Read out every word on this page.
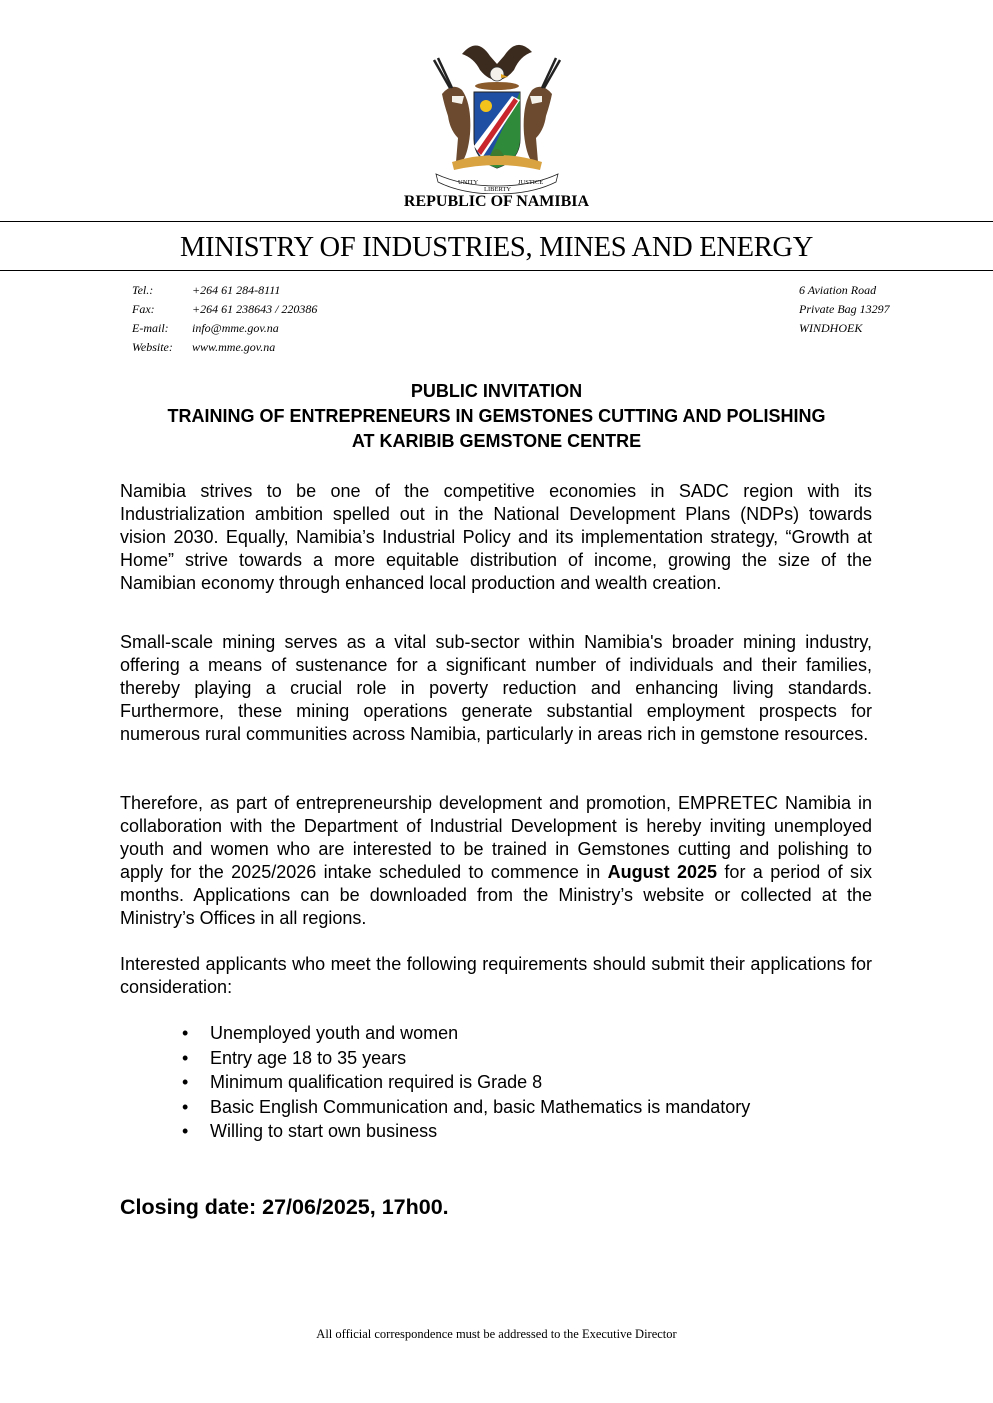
UNITY
LIBERTY
JUSTICE
REPUBLIC OF NAMIBIA
MINISTRY OF INDUSTRIES, MINES AND ENERGY
Tel.:
Fax:
E-mail:
Website:
+264 61 284-8111
+264 61 238643 / 220386
info@mme.gov.na
www.mme.gov.na
6 Aviation Road
Private Bag 13297
WINDHOEK
PUBLIC INVITATION
TRAINING OF ENTREPRENEURS IN GEMSTONES CUTTING AND POLISHING
AT KARIBIB GEMSTONE CENTRE

Namibia strives to be one of the competitive economies in SADC region with its Industrialization ambition spelled out in the National Development Plans (NDPs) towards vision 2030. Equally, Namibia’s Industrial Policy and its implementation strategy, “Growth at Home” strive towards a more equitable distribution of income, growing the size of the Namibian economy through enhanced local production and wealth creation.

Small-scale mining serves as a vital sub-sector within Namibia's broader mining industry, offering a means of sustenance for a significant number of individuals and their families, thereby playing a crucial role in poverty reduction and enhancing living standards. Furthermore, these mining operations generate substantial employment prospects for numerous rural communities across Namibia, particularly in areas rich in gemstone resources.

Therefore, as part of entrepreneurship development and promotion, EMPRETEC Namibia in collaboration with the Department of Industrial Development is hereby inviting unemployed youth and women who are interested to be trained in Gemstones cutting and polishing to apply for the 2025/2026 intake scheduled to commence in August 2025 for a period of six months. Applications can be downloaded from the Ministry’s website or collected at the Ministry’s Offices in all regions.

Interested applicants who meet the following requirements should submit their applications for consideration:

• Unemployed youth and women
• Entry age 18 to 35 years
• Minimum qualification required is Grade 8
• Basic English Communication and, basic Mathematics is mandatory
• Willing to start own business
Closing date: 27/06/2025, 17h00.
All official correspondence must be addressed to the Executive Director
